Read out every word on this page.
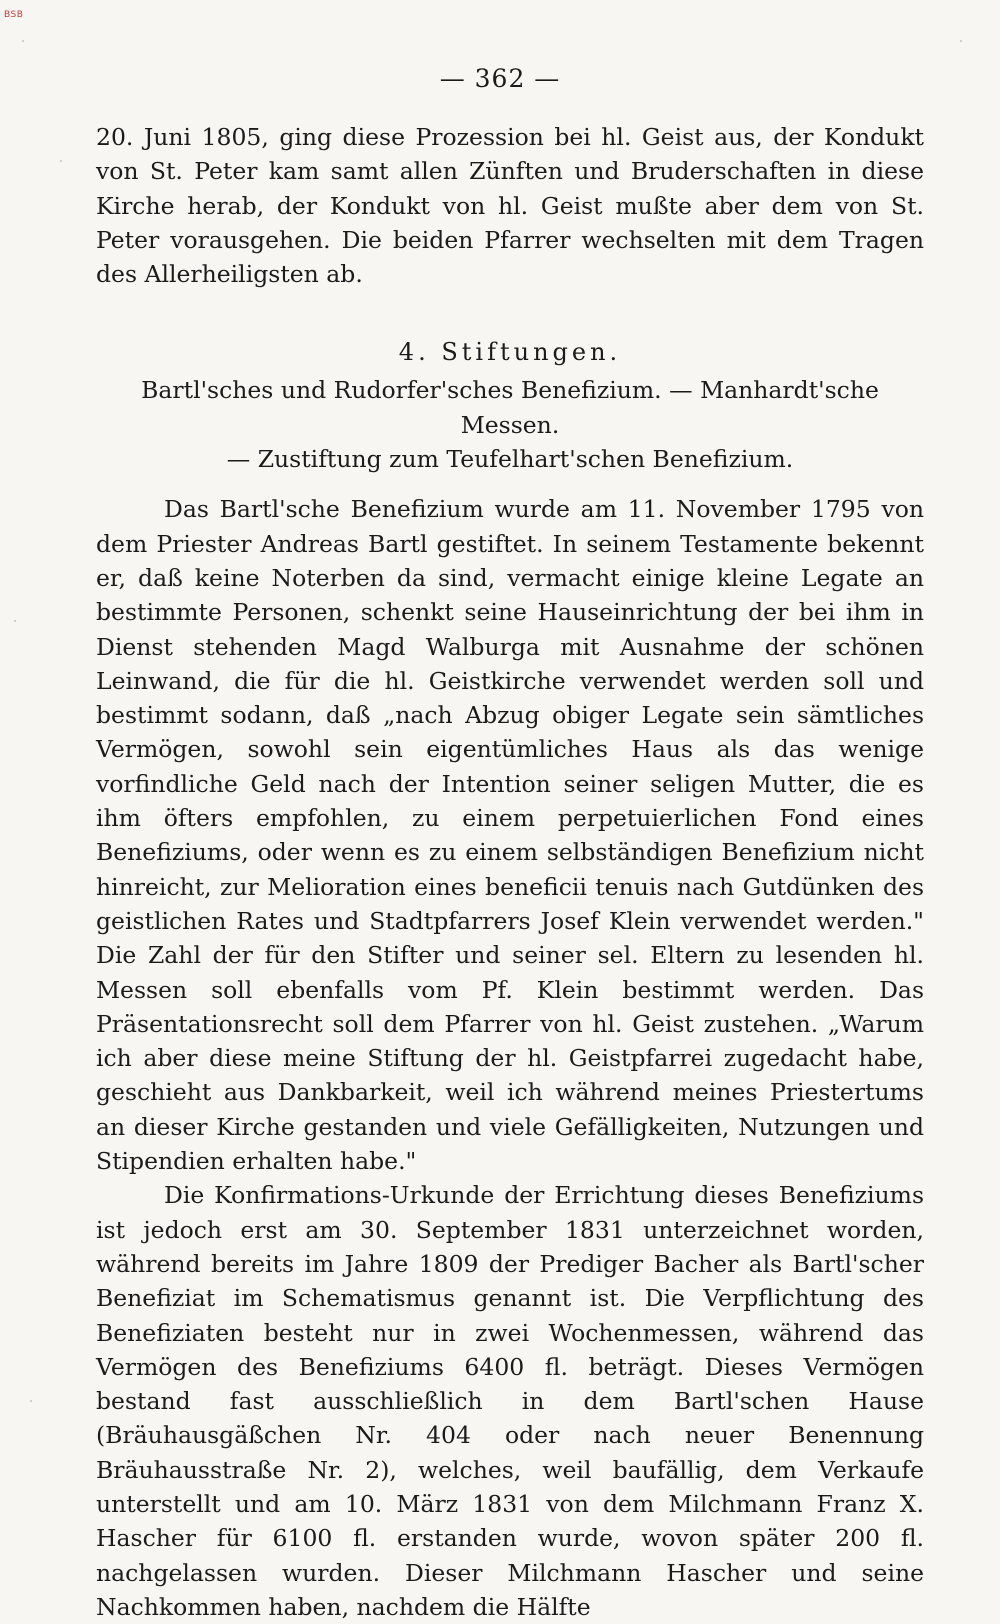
BSB
— 362 —

20. Juni 1805, ging diese Prozession bei hl. Geist aus, der Kondukt von St. Peter kam samt allen Zünften und Bruderschaften in diese Kirche herab, der Kondukt von hl. Geist mußte aber dem von St. Peter vorausgehen. Die beiden Pfarrer wechselten mit dem Tragen des Allerheiligsten ab.

4. Stiftungen.
Bartl'sches und Rudorfer'sches Benefizium. — Manhardt'sche Messen.
— Zustiftung zum Teufelhart'schen Benefizium.

Das Bartl'sche Benefizium wurde am 11. November 1795 von dem Priester Andreas Bartl gestiftet. In seinem Testamente bekennt er, daß keine Noterben da sind, vermacht einige kleine Legate an bestimmte Personen, schenkt seine Hauseinrichtung der bei ihm in Dienst stehenden Magd Walburga mit Ausnahme der schönen Leinwand, die für die hl. Geistkirche verwendet werden soll und bestimmt sodann, daß „nach Abzug obiger Legate sein sämtliches Vermögen, sowohl sein eigentümliches Haus als das wenige vorfindliche Geld nach der Intention seiner seligen Mutter, die es ihm öfters empfohlen, zu einem perpetuierlichen Fond eines Benefiziums, oder wenn es zu einem selbständigen Benefizium nicht hinreicht, zur Melioration eines beneficii tenuis nach Gutdünken des geistlichen Rates und Stadtpfarrers Josef Klein verwendet werden." Die Zahl der für den Stifter und seiner sel. Eltern zu lesenden hl. Messen soll ebenfalls vom Pf. Klein bestimmt werden. Das Präsentationsrecht soll dem Pfarrer von hl. Geist zustehen. „Warum ich aber diese meine Stiftung der hl. Geistpfarrei zugedacht habe, geschieht aus Dankbarkeit, weil ich während meines Priestertums an dieser Kirche gestanden und viele Gefälligkeiten, Nutzungen und Stipendien erhalten habe."

Die Konfirmations-Urkunde der Errichtung dieses Benefiziums ist jedoch erst am 30. September 1831 unterzeichnet worden, während bereits im Jahre 1809 der Prediger Bacher als Bartl'scher Benefiziat im Schematismus genannt ist. Die Verpflichtung des Benefiziaten besteht nur in zwei Wochenmessen, während das Vermögen des Benefiziums 6400 fl. beträgt. Dieses Vermögen bestand fast ausschließlich in dem Bartl'schen Hause (Bräuhausgäßchen Nr. 404 oder nach neuer Benennung Bräuhausstraße Nr. 2), welches, weil baufällig, dem Verkaufe unterstellt und am 10. März 1831 von dem Milchmann Franz X. Hascher für 6100 fl. erstanden wurde, wovon später 200 fl. nachgelassen wurden. Dieser Milchmann Hascher und seine Nachkommen haben, nachdem die Hälfte
